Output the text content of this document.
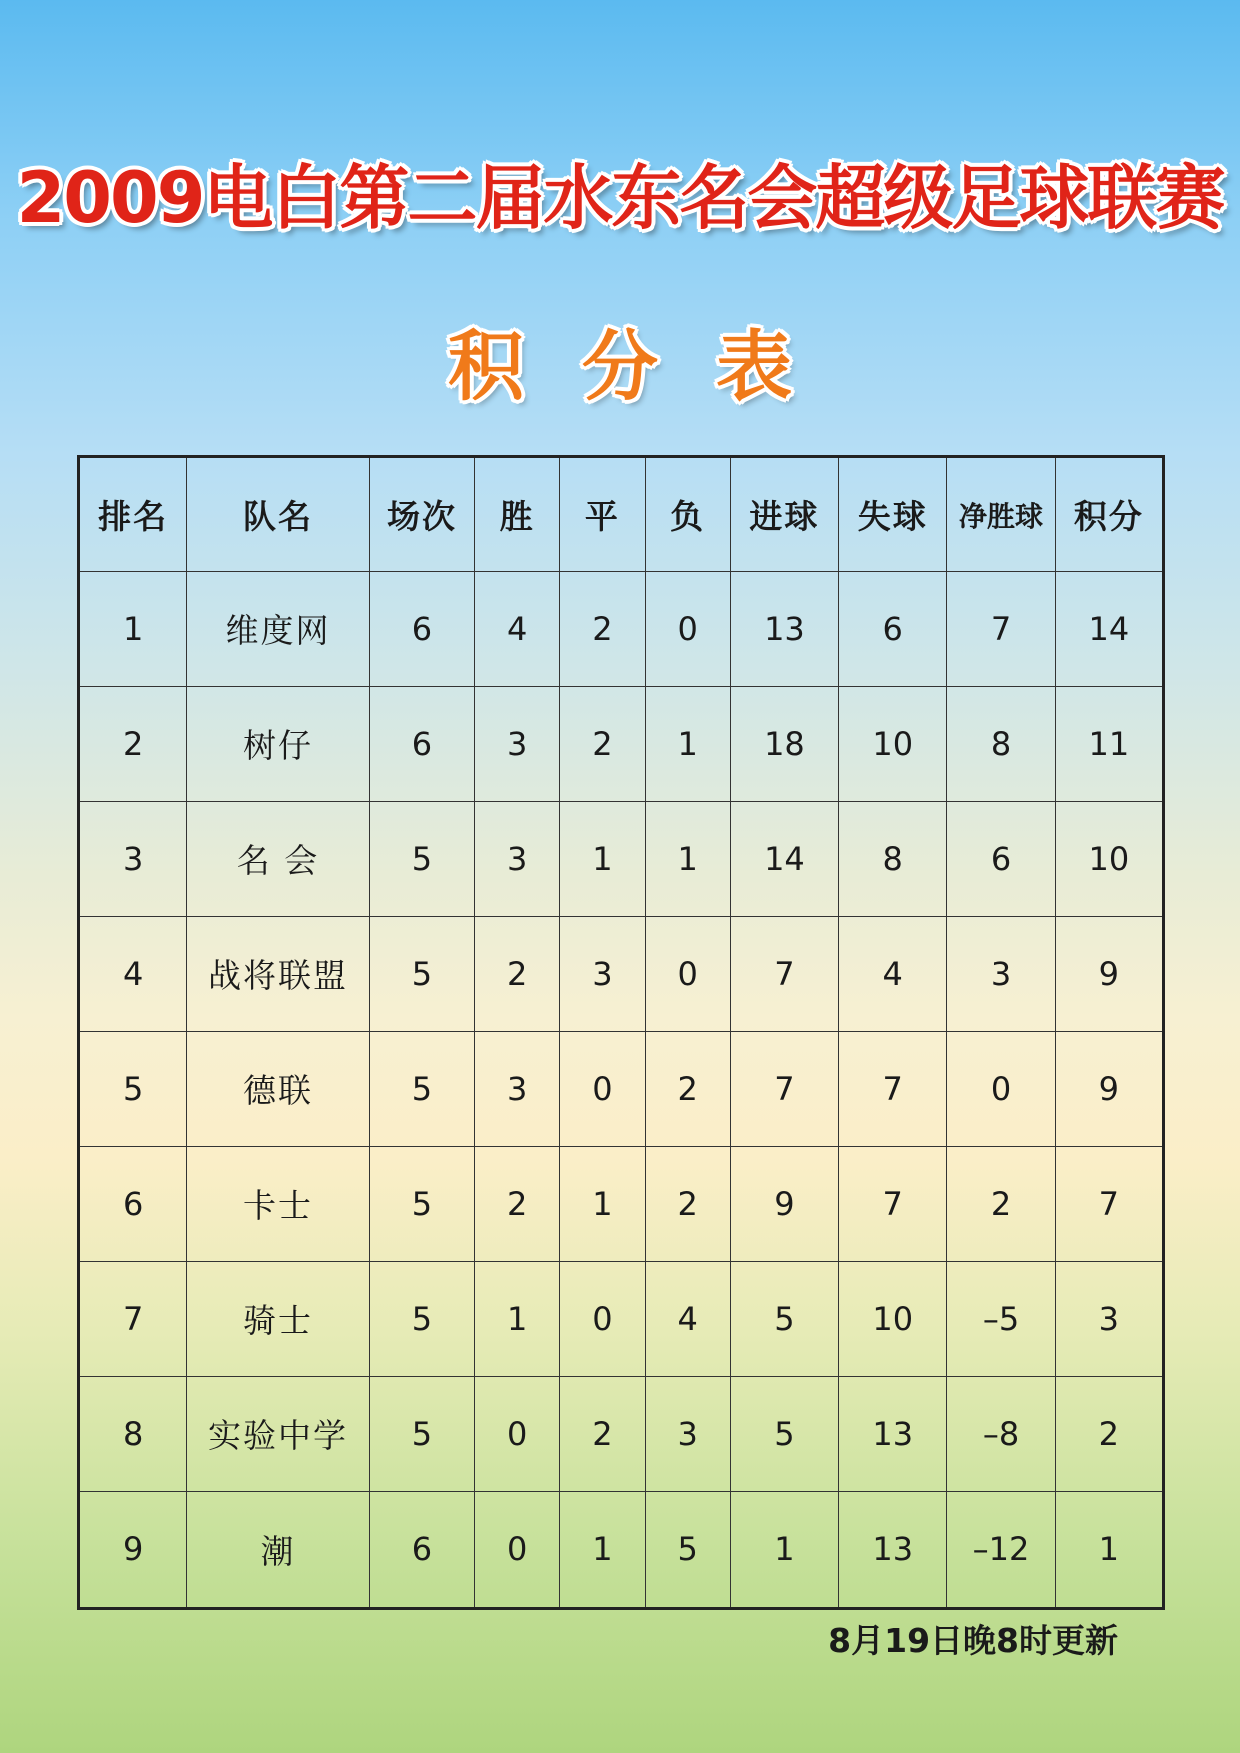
2009电白第二届水东名会超级足球联赛
积分表
排名	队名	场次	胜	平	负	进球	失球	净胜球	积分
1	维度网	6	4	2	0	13	6	7	14
2	树仔	6	3	2	1	18	10	8	11
3	名 会	5	3	1	1	14	8	6	10
4	战将联盟	5	2	3	0	7	4	3	9
5	德联	5	3	0	2	7	7	0	9
6	卡士	5	2	1	2	9	7	2	7
7	骑士	5	1	0	4	5	10	–5	3
8	实验中学	5	0	2	3	5	13	–8	2
9	潮	6	0	1	5	1	13	–12	1
8月19日晚8时更新
